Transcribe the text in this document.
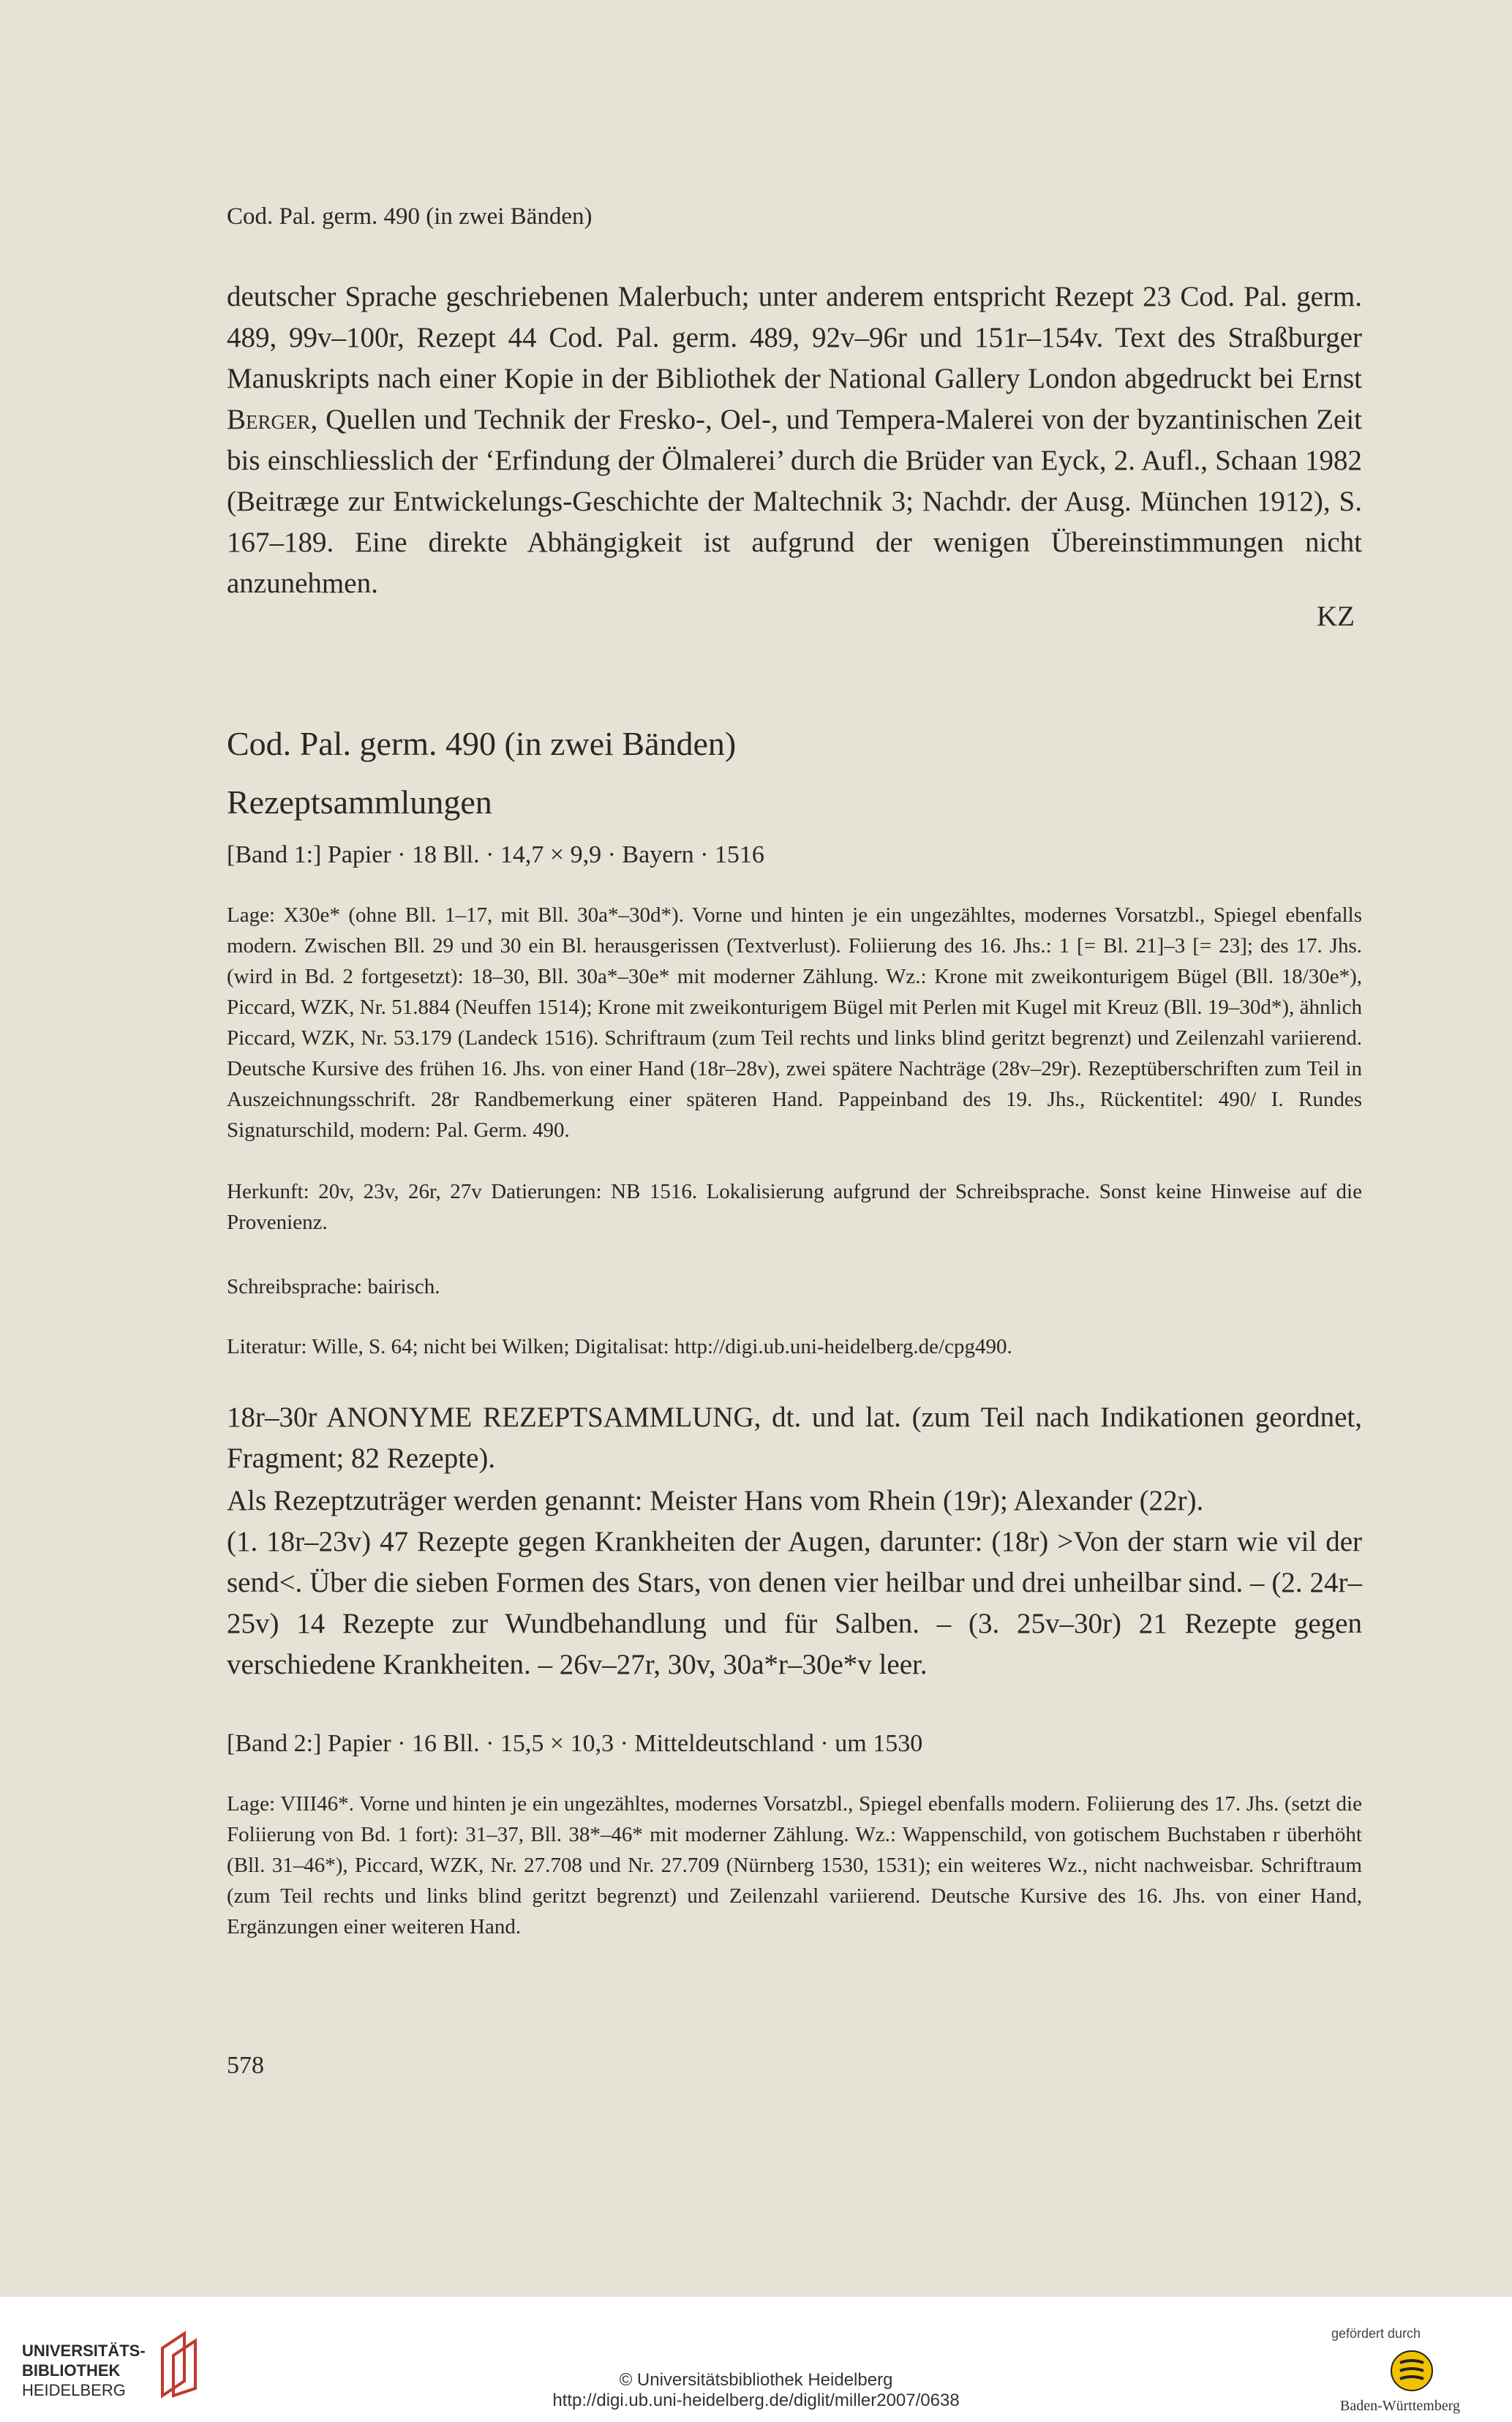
Cod. Pal. germ. 490 (in zwei Bänden)
deutscher Sprache geschriebenen Malerbuch; unter anderem entspricht Rezept 23 Cod. Pal. germ. 489, 99v–100r, Rezept 44 Cod. Pal. germ. 489, 92v–96r und 151r–154v. Text des Straßburger Manuskripts nach einer Kopie in der Bibliothek der National Gallery London abgedruckt bei Ernst Berger, Quellen und Technik der Fresko-, Oel-, und Tempera-Malerei von der byzantinischen Zeit bis einschliesslich der ‘Erfindung der Ölmalerei’ durch die Brüder van Eyck, 2. Aufl., Schaan 1982 (Beitræge zur Entwickelungs-Geschichte der Maltechnik 3; Nachdr. der Ausg. München 1912), S. 167–189. Eine direkte Abhängigkeit ist aufgrund der wenigen Übereinstimmungen nicht anzunehmen.
KZ
Cod. Pal. germ. 490 (in zwei Bänden)
Rezeptsammlungen
[Band 1:] Papier · 18 Bll. · 14,7 × 9,9 · Bayern · 1516
Lage: X30e* (ohne Bll. 1–17, mit Bll. 30a*–30d*). Vorne und hinten je ein ungezähltes, modernes Vorsatzbl., Spiegel ebenfalls modern. Zwischen Bll. 29 und 30 ein Bl. herausgerissen (Textverlust). Foliierung des 16. Jhs.: 1 [= Bl. 21]–3 [= 23]; des 17. Jhs. (wird in Bd. 2 fortgesetzt): 18–30, Bll. 30a*–30e* mit moderner Zählung. Wz.: Krone mit zweikonturigem Bügel (Bll. 18/30e*), Piccard, WZK, Nr. 51.884 (Neuffen 1514); Krone mit zweikonturigem Bügel mit Perlen mit Kugel mit Kreuz (Bll. 19–30d*), ähnlich Piccard, WZK, Nr. 53.179 (Landeck 1516). Schriftraum (zum Teil rechts und links blind geritzt begrenzt) und Zeilenzahl variierend. Deutsche Kursive des frühen 16. Jhs. von einer Hand (18r–28v), zwei spätere Nachträge (28v–29r). Rezeptüberschriften zum Teil in Auszeichnungsschrift. 28r Randbemerkung einer späteren Hand. Pappeinband des 19. Jhs., Rückentitel: 490/ I. Rundes Signaturschild, modern: Pal. Germ. 490.
Herkunft: 20v, 23v, 26r, 27v Datierungen: NB 1516. Lokalisierung aufgrund der Schreibsprache. Sonst keine Hinweise auf die Provenienz.
Schreibsprache: bairisch.
Literatur: Wille, S. 64; nicht bei Wilken; Digitalisat: http://digi.ub.uni-heidelberg.de/cpg490.
18r–30r ANONYME REZEPTSAMMLUNG, dt. und lat. (zum Teil nach Indikationen geordnet, Fragment; 82 Rezepte).
Als Rezeptzuträger werden genannt: Meister Hans vom Rhein (19r); Alexander (22r).
(1. 18r–23v) 47 Rezepte gegen Krankheiten der Augen, darunter: (18r) >Von der starn wie vil der send<. Über die sieben Formen des Stars, von denen vier heilbar und drei unheilbar sind. – (2. 24r–25v) 14 Rezepte zur Wundbehandlung und für Salben. – (3. 25v–30r) 21 Rezepte gegen verschiedene Krankheiten. – 26v–27r, 30v, 30a*r–30e*v leer.
[Band 2:] Papier · 16 Bll. · 15,5 × 10,3 · Mitteldeutschland · um 1530
Lage: VIII46*. Vorne und hinten je ein ungezähltes, modernes Vorsatzbl., Spiegel ebenfalls modern. Foliierung des 17. Jhs. (setzt die Foliierung von Bd. 1 fort): 31–37, Bll. 38*–46* mit moderner Zählung. Wz.: Wappenschild, von gotischem Buchstaben r überhöht (Bll. 31–46*), Piccard, WZK, Nr. 27.708 und Nr. 27.709 (Nürnberg 1530, 1531); ein weiteres Wz., nicht nachweisbar. Schriftraum (zum Teil rechts und links blind geritzt begrenzt) und Zeilenzahl variierend. Deutsche Kursive des 16. Jhs. von einer Hand, Ergänzungen einer weiteren Hand.
578
UNIVERSITÄTS-
BIBLIOTHEK
HEIDELBERG
© Universitätsbibliothek Heidelberg
http://digi.ub.uni-heidelberg.de/diglit/miller2007/0638
gefördert durch
Baden-Württemberg
